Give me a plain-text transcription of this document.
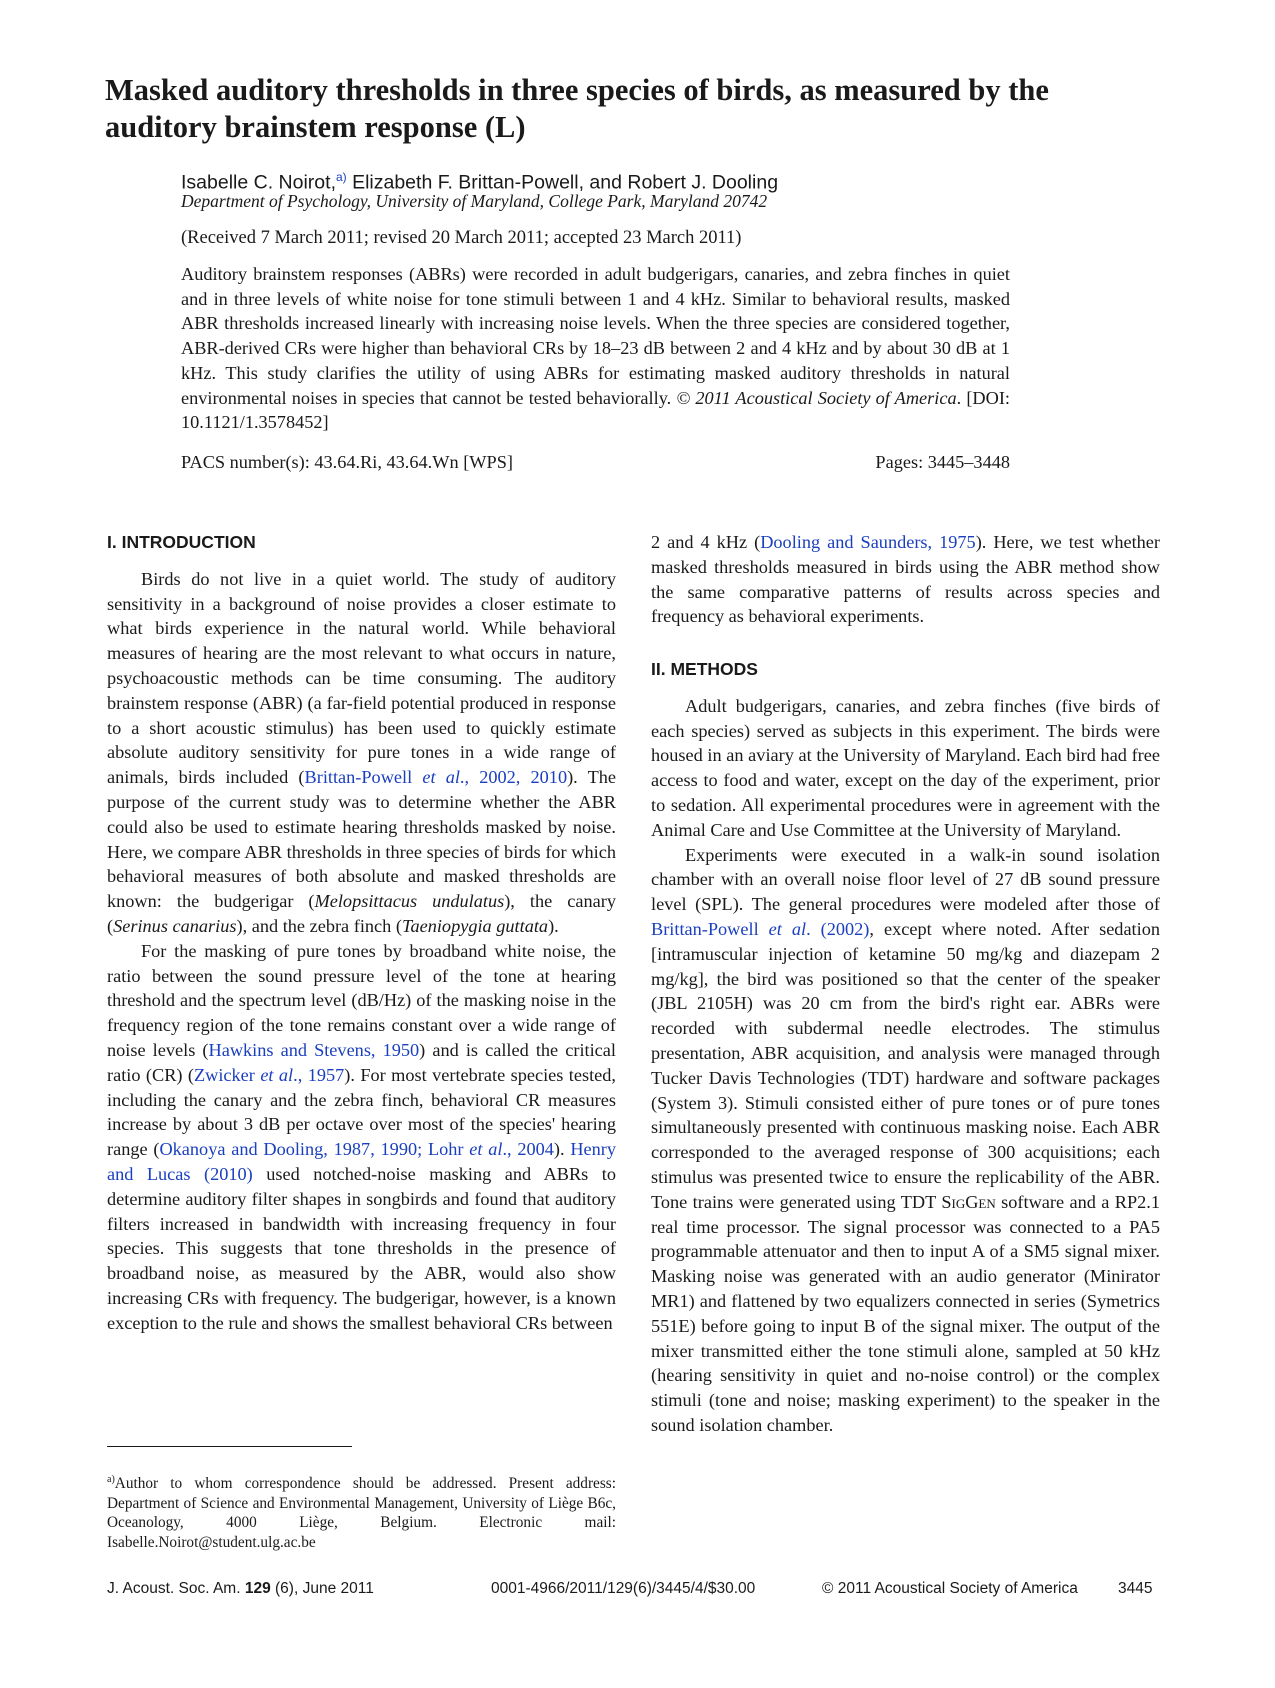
Masked auditory thresholds in three species of birds, as measured by the auditory brainstem response (L)
Isabelle C. Noirot,$^{a)}$ Elizabeth F. Brittan-Powell, and Robert J. Dooling
Department of Psychology, University of Maryland, College Park, Maryland 20742
(Received 7 March 2011; revised 20 March 2011; accepted 23 March 2011)

Auditory brainstem responses (ABRs) were recorded in adult budgerigars, canaries, and zebra finches in quiet and in three levels of white noise for tone stimuli between 1 and 4 kHz. Similar to behavioral results, masked ABR thresholds increased linearly with increasing noise levels. When the three species are considered together, ABR-derived CRs were higher than behavioral CRs by 18–23 dB between 2 and 4 kHz and by about 30 dB at 1 kHz. This study clarifies the utility of using ABRs for estimating masked auditory thresholds in natural environmental noises in species that cannot be tested behaviorally. © 2011 Acoustical Society of America. [DOI: 10.1121/1.3578452]

PACS number(s): 43.64.Ri, 43.64.Wn [WPS]	Pages: 3445–3448
I. INTRODUCTION

Birds do not live in a quiet world. The study of auditory sensitivity in a background of noise provides a closer estimate to what birds experience in the natural world. While behavioral measures of hearing are the most relevant to what occurs in nature, psychoacoustic methods can be time consuming. The auditory brainstem response (ABR) (a far-field potential produced in response to a short acoustic stimulus) has been used to quickly estimate absolute auditory sensitivity for pure tones in a wide range of animals, birds included (Brittan-Powell et al., 2002, 2010). The purpose of the current study was to determine whether the ABR could also be used to estimate hearing thresholds masked by noise. Here, we compare ABR thresholds in three species of birds for which behavioral measures of both absolute and masked thresholds are known: the budgerigar (Melopsittacus undulatus), the canary (Serinus canarius), and the zebra finch (Taeniopygia guttata).

For the masking of pure tones by broadband white noise, the ratio between the sound pressure level of the tone at hearing threshold and the spectrum level (dB/Hz) of the masking noise in the frequency region of the tone remains constant over a wide range of noise levels (Hawkins and Stevens, 1950) and is called the critical ratio (CR) (Zwicker et al., 1957). For most vertebrate species tested, including the canary and the zebra finch, behavioral CR measures increase by about 3 dB per octave over most of the species' hearing range (Okanoya and Dooling, 1987, 1990; Lohr et al., 2004). Henry and Lucas (2010) used notched-noise masking and ABRs to determine auditory filter shapes in songbirds and found that auditory filters increased in bandwidth with increasing frequency in four species. This suggests that tone thresholds in the presence of broadband noise, as measured by the ABR, would also show increasing CRs with frequency. The budgerigar, however, is a known exception to the rule and shows the smallest behavioral CRs between

II. METHODS

Adult budgerigars, canaries, and zebra finches (five birds of each species) served as subjects in this experiment. The birds were housed in an aviary at the University of Maryland. Each bird had free access to food and water, except on the day of the experiment, prior to sedation. All experimental procedures were in agreement with the Animal Care and Use Committee at the University of Maryland.

Experiments were executed in a walk-in sound isolation chamber with an overall noise floor level of 27 dB sound pressure level (SPL). The general procedures were modeled after those of Brittan-Powell et al. (2002), except where noted. After sedation [intramuscular injection of ketamine 50 mg/kg and diazepam 2 mg/kg], the bird was positioned so that the center of the speaker (JBL 2105H) was 20 cm from the bird's right ear. ABRs were recorded with subdermal needle electrodes. The stimulus presentation, ABR acquisition, and analysis were managed through Tucker Davis Technologies (TDT) hardware and software packages (System 3). Stimuli consisted either of pure tones or of pure tones simultaneously presented with continuous masking noise. Each ABR corresponded to the averaged response of 300 acquisitions; each stimulus was presented twice to ensure the replicability of the ABR. Tone trains were generated using TDT SigGen software and a RP2.1 real time processor. The signal processor was connected to a PA5 programmable attenuator and then to input A of a SM5 signal mixer. Masking noise was generated with an audio generator (Minirator MR1) and flattened by two equalizers connected in series (Symetrics 551E) before going to input B of the signal mixer. The output of the mixer transmitted either the tone stimuli alone, sampled at 50 kHz (hearing sensitivity in quiet and no-noise control) or the complex stimuli (tone and noise; masking experiment) to the speaker in the sound isolation chamber.

$^{a)}$Author to whom correspondence should be addressed. Present address: Department of Science and Environmental Management, University of Liège B6c, Oceanology, 4000 Liège, Belgium. Electronic mail: Isabelle.Noirot@student.ulg.ac.be
J. Acoust. Soc. Am. 129 (6), June 2011	0001-4966/2011/129(6)/3445/4/$30.00	© 2011 Acoustical Society of America	3445

2 and 4 kHz (Dooling and Saunders, 1975). Here, we test whether masked thresholds measured in birds using the ABR method show the same comparative patterns of results across species and frequency as behavioral experiments.
